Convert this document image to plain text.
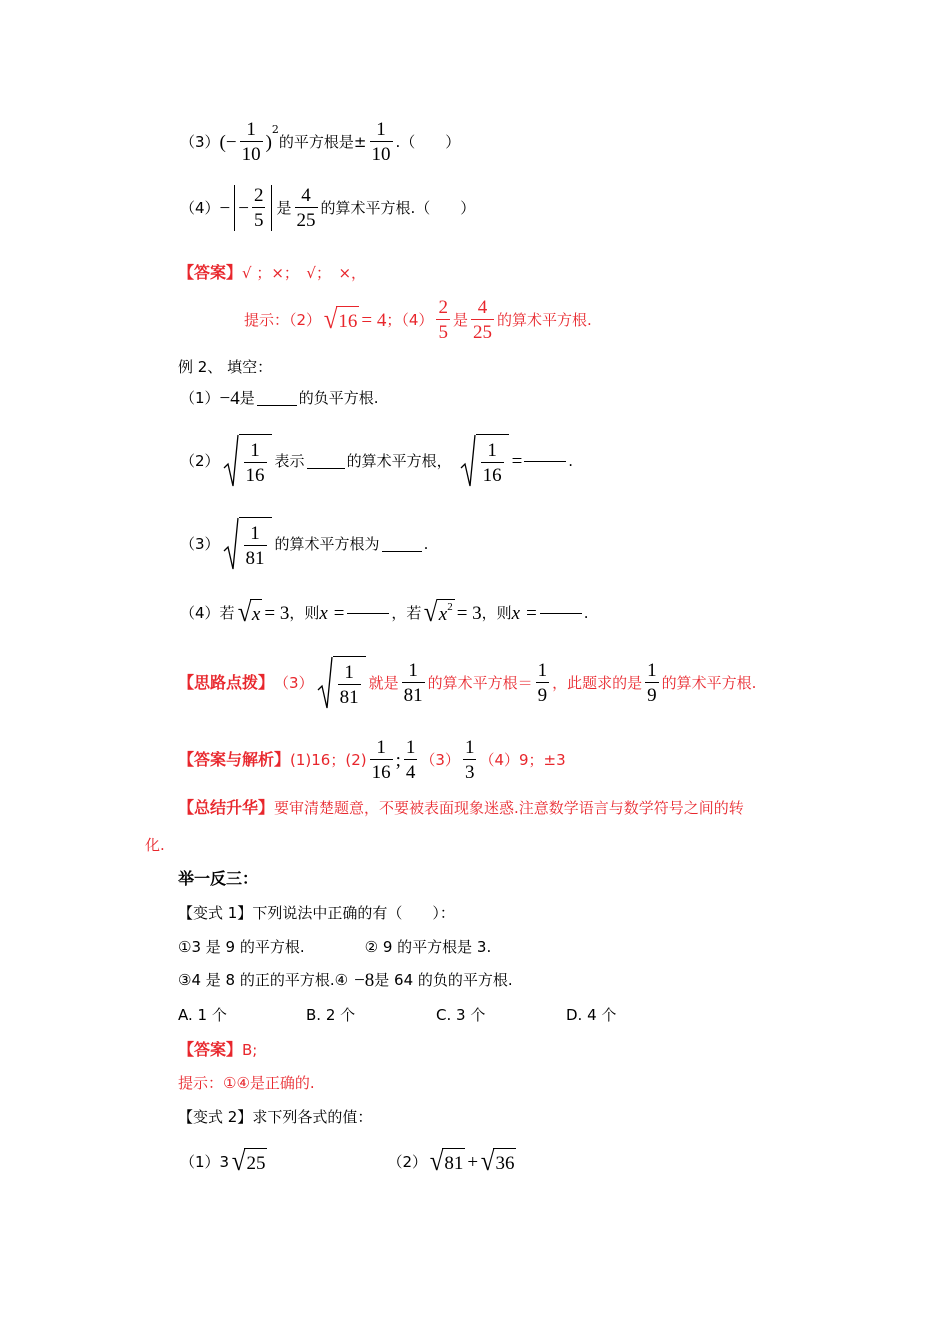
（3） (− $\frac{1}{10}$ )
$^2$
的平方根是± $\frac{1}{10}$ .（　　）
（4） − − $\frac{2}{5}$ 是 $\frac{4}{25}$ 的算术平方根.（　　）
【答案】 √ ；×；　√；　×，
提示：（2） √ 16 = 4 ；$(4) \frac{2}{5}$ 是 $\frac{4}{25}$ 的算术平方根.
例 2、 填空：
（1） −4 是	的负平方根.
$(2) \frac{1}{16}$ 表示	的算术平方根， $\frac{1}{16}$ =	.
$(3) \frac{1}{81}$ 的算术平方根为	.
（4）若 √ x = 3 ，则 x =	，若 √ $x^2 = 3$ ，则 x =	.
【思路点拨】 $(3) \frac{1}{81}$ 就是 $\frac{1}{81}$ 的算术平方根＝ $\frac{1}{9}$ ，此题求的是 $\frac{1}{9}$ 的算术平方根.
【答案与解析】 (1)16；$(2) \frac{1}{16}$ ; $\frac{1}{4} (3) \frac{1}{3} (4)9$；±3
【总结升华】 要审清楚题意，不要被表面现象迷惑.注意数学语言与数学符号之间的转
化.
举一反三：
【变式 1】 下列说法中正确的有（　　）：
①3 是 9 的平方根.	② 9 的平方根是 3.
③4 是 8 的正的平方根.④ −8 是 64 的负的平方根.
A. 1 个	B. 2 个	C. 3 个	D. 4 个
【答案】 B;
提示：①④是正确的.
【变式 2】 求下列各式的值：
（1）3 √ 25	（2） √ 81 + √ 36
